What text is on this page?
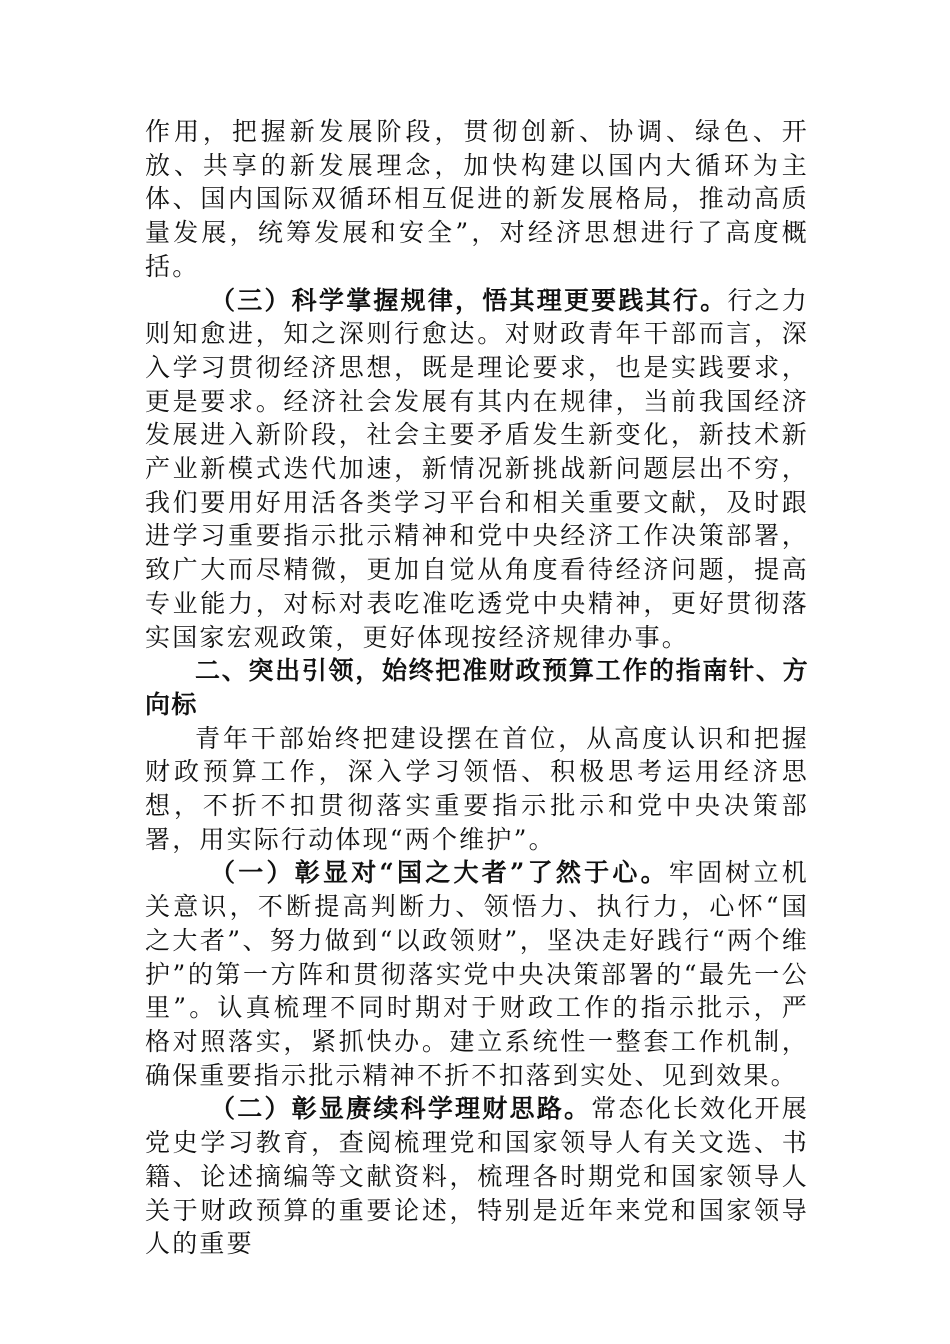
作用，把握新发展阶段，贯彻创新、协调、绿色、开放、共享的新发展理念，加快构建以国内大循环为主体、国内国际双循环相互促进的新发展格局，推动高质量发展，统筹发展和安全”，对经济思想进行了高度概括。

（三）科学掌握规律，悟其理更要践其行。行之力则知愈进，知之深则行愈达。对财政青年干部而言，深入学习贯彻经济思想，既是理论要求，也是实践要求，更是要求。经济社会发展有其内在规律，当前我国经济发展进入新阶段，社会主要矛盾发生新变化，新技术新产业新模式迭代加速，新情况新挑战新问题层出不穷，我们要用好用活各类学习平台和相关重要文献，及时跟进学习重要指示批示精神和党中央经济工作决策部署，致广大而尽精微，更加自觉从角度看待经济问题，提高专业能力，对标对表吃准吃透党中央精神，更好贯彻落实国家宏观政策，更好体现按经济规律办事。

二、突出引领，始终把准财政预算工作的指南针、方向标

青年干部始终把建设摆在首位，从高度认识和把握财政预算工作，深入学习领悟、积极思考运用经济思想，不折不扣贯彻落实重要指示批示和党中央决策部署，用实际行动体现“两个维护”。

（一）彰显对“国之大者”了然于心。牢固树立机关意识，不断提高判断力、领悟力、执行力，心怀“国之大者”、努力做到“以政领财”，坚决走好践行“两个维护”的第一方阵和贯彻落实党中央决策部署的“最先一公里”。认真梳理不同时期对于财政工作的指示批示，严格对照落实，紧抓快办。建立系统性一整套工作机制，确保重要指示批示精神不折不扣落到实处、见到效果。

（二）彰显赓续科学理财思路。常态化长效化开展党史学习教育，查阅梳理党和国家领导人有关文选、书籍、论述摘编等文献资料，梳理各时期党和国家领导人关于财政预算的重要论述，特别是近年来党和国家领导人的重要
